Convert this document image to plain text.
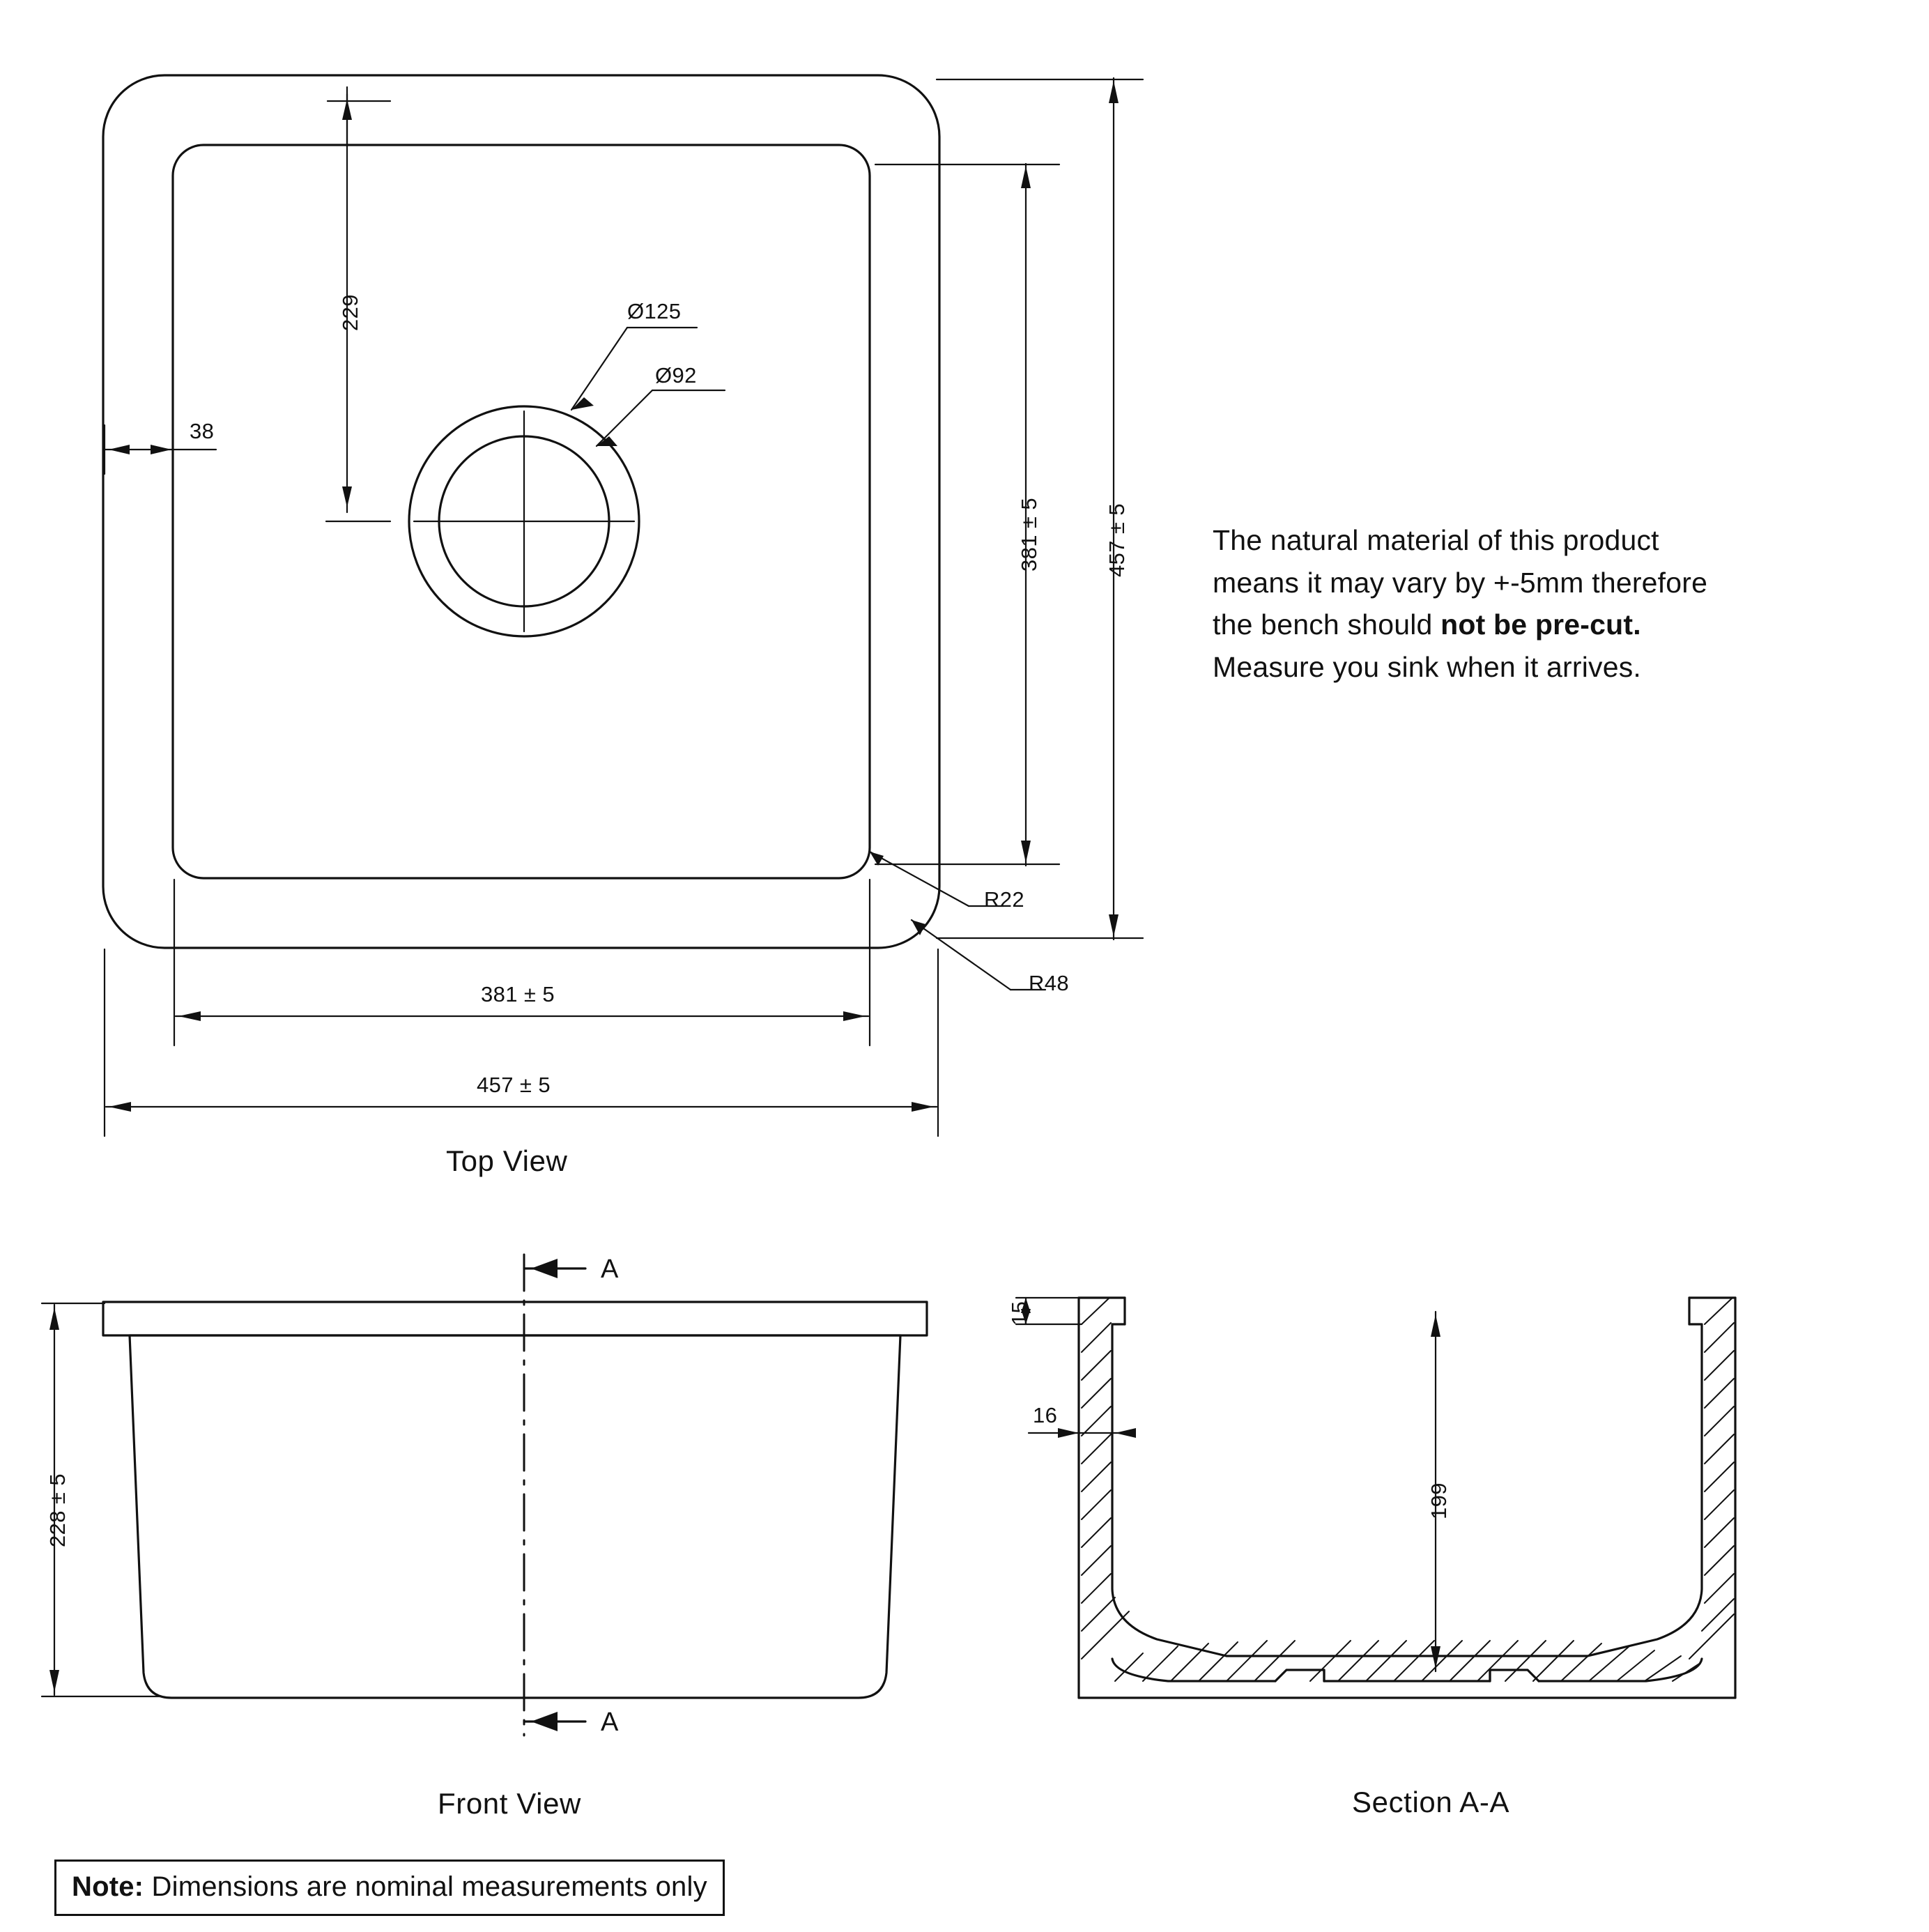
229
38
Ø125
Ø92
381 ± 5	457 ± 5
R22
R48
381 ± 5
457 ± 5
Top View
228 ± 5
A
A
Front View
15
16
199
Section A-A
The natural material of this product
means it may vary by +-5mm therefore
the bench should not be pre-cut.
Measure you sink when it arrives.
Note: Dimensions are nominal measurements only
